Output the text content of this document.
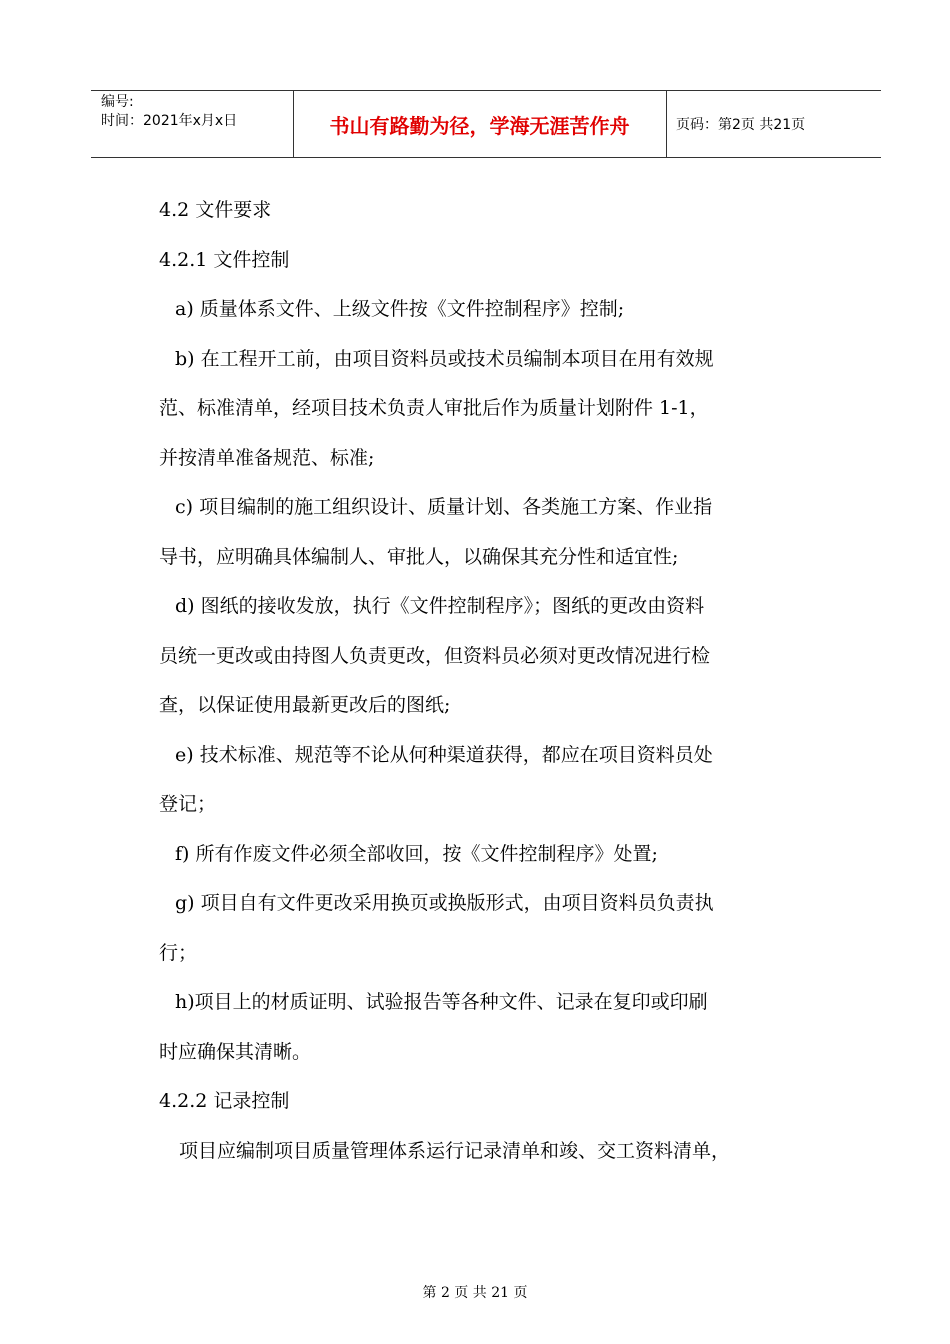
编号:
时间：2021年x月x日	书山有路勤为径，学海无涯苦作舟	页码：第2页 共21页

4.2 文件要求

4.2.1 文件控制

a) 质量体系文件、上级文件按《文件控制程序》控制;

b) 在工程开工前，由项目资料员或技术员编制本项目在用有效规

范、标准清单，经项目技术负责人审批后作为质量计划附件 1-1，

并按清单准备规范、标准;

c) 项目编制的施工组织设计、质量计划、各类施工方案、作业指

导书，应明确具体编制人、审批人，以确保其充分性和适宜性;

d) 图纸的接收发放，执行《文件控制程序》；图纸的更改由资料

员统一更改或由持图人负责更改，但资料员必须对更改情况进行检

查，以保证使用最新更改后的图纸;

e) 技术标准、规范等不论从何种渠道获得，都应在项目资料员处

登记；

f) 所有作废文件必须全部收回，按《文件控制程序》处置;

g) 项目自有文件更改采用换页或换版形式，由项目资料员负责执

行；

h)项目上的材质证明、试验报告等各种文件、记录在复印或印刷

时应确保其清晰。

4.2.2 记录控制

项目应编制项目质量管理体系运行记录清单和竣、交工资料清单，

第 2 页 共 21 页
